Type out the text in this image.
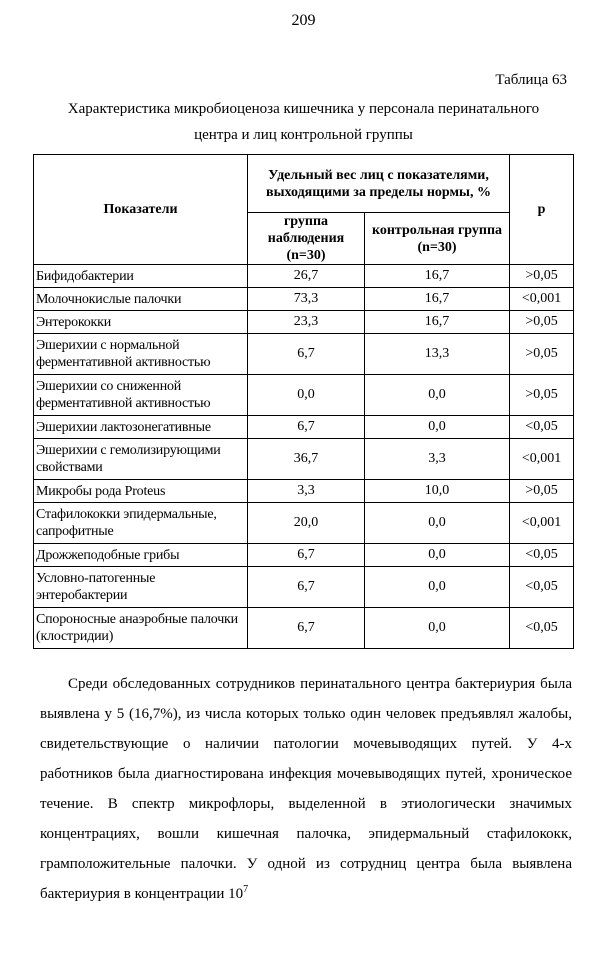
209
Таблица 63
Характеристика микробиоценоза кишечника у персонала перинатального
центра и лиц контрольной группы
Показатели	Удельный вес лиц с показателями, выходящими за пределы нормы, %		р
	группа наблюдения (n=30)	контрольная группа (n=30)	
Бифидобактерии	26,7	16,7	>0,05
Молочнокислые палочки	73,3	16,7	<0,001
Энтерококки	23,3	16,7	>0,05
Эшерихии с нормальной ферментативной активностью	6,7	13,3	>0,05
Эшерихии со сниженной ферментативной активностью	0,0	0,0	>0,05
Эшерихии лактозонегативные	6,7	0,0	<0,05
Эшерихии с гемолизирующими свойствами	36,7	3,3	<0,001
Микробы рода Proteus	3,3	10,0	>0,05
Стафилококки эпидермальные, сапрофитные	20,0	0,0	<0,001
Дрожжеподобные грибы	6,7	0,0	<0,05
Условно-патогенные энтеробактерии	6,7	0,0	<0,05
Спороносные анаэробные палочки (клостридии)	6,7	0,0	<0,05

Среди обследованных сотрудников перинатального центра бактериурия была выявлена у 5 (16,7%), из числа которых только один человек предъявлял жалобы, свидетельствующие о наличии патологии мочевыводящих путей. У 4-х работников была диагностирована инфекция мочевыводящих путей, хроническое течение. В спектр микрофлоры, выделенной в этиологически значимых концентрациях, вошли кишечная палочка, эпидермальный стафилококк, грамположительные палочки. У одной из сотрудниц центра была выявлена бактериурия в концентрации $10^7$
